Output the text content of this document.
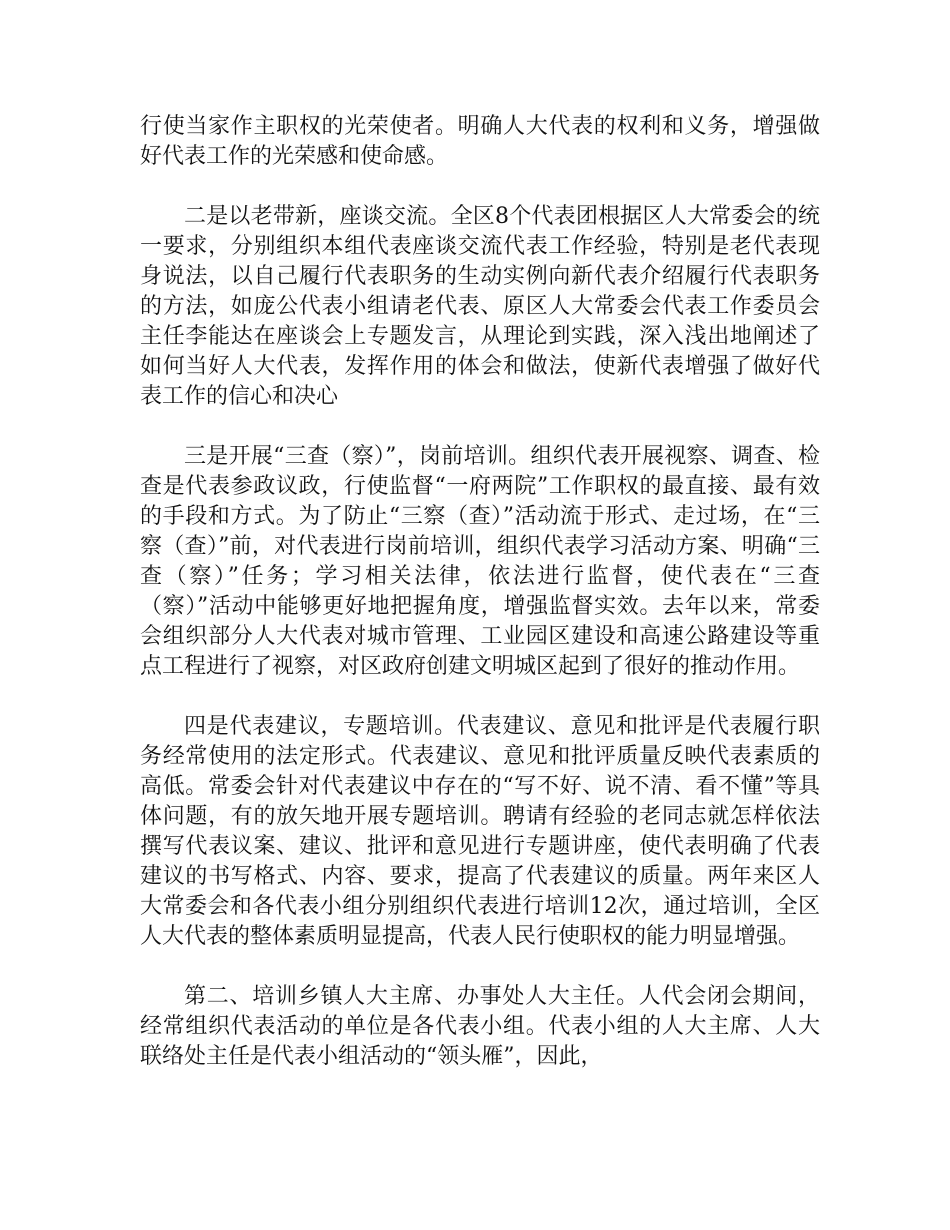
行使当家作主职权的光荣使者。明确人大代表的权利和义务，增强做好代表工作的光荣感和使命感。

二是以老带新，座谈交流。全区8个代表团根据区人大常委会的统一要求，分别组织本组代表座谈交流代表工作经验，特别是老代表现身说法，以自己履行代表职务的生动实例向新代表介绍履行代表职务的方法，如庞公代表小组请老代表、原区人大常委会代表工作委员会主任李能达在座谈会上专题发言，从理论到实践，深入浅出地阐述了如何当好人大代表，发挥作用的体会和做法，使新代表增强了做好代表工作的信心和决心

三是开展“三查（察）”，岗前培训。组织代表开展视察、调查、检查是代表参政议政，行使监督“一府两院”工作职权的最直接、最有效的手段和方式。为了防止“三察（查）”活动流于形式、走过场，在“三察（查）”前，对代表进行岗前培训，组织代表学习活动方案、明确“三查（察）”任务；学习相关法律，依法进行监督，使代表在“三查（察）”活动中能够更好地把握角度，增强监督实效。去年以来，常委会组织部分人大代表对城市管理、工业园区建设和高速公路建设等重点工程进行了视察，对区政府创建文明城区起到了很好的推动作用。

四是代表建议，专题培训。代表建议、意见和批评是代表履行职务经常使用的法定形式。代表建议、意见和批评质量反映代表素质的高低。常委会针对代表建议中存在的“写不好、说不清、看不懂”等具体问题，有的放矢地开展专题培训。聘请有经验的老同志就怎样依法撰写代表议案、建议、批评和意见进行专题讲座，使代表明确了代表建议的书写格式、内容、要求，提高了代表建议的质量。两年来区人大常委会和各代表小组分别组织代表进行培训12次，通过培训，全区人大代表的整体素质明显提高，代表人民行使职权的能力明显增强。

第二、培训乡镇人大主席、办事处人大主任。人代会闭会期间，经常组织代表活动的单位是各代表小组。代表小组的人大主席、人大联络处主任是代表小组活动的“领头雁”，因此，
